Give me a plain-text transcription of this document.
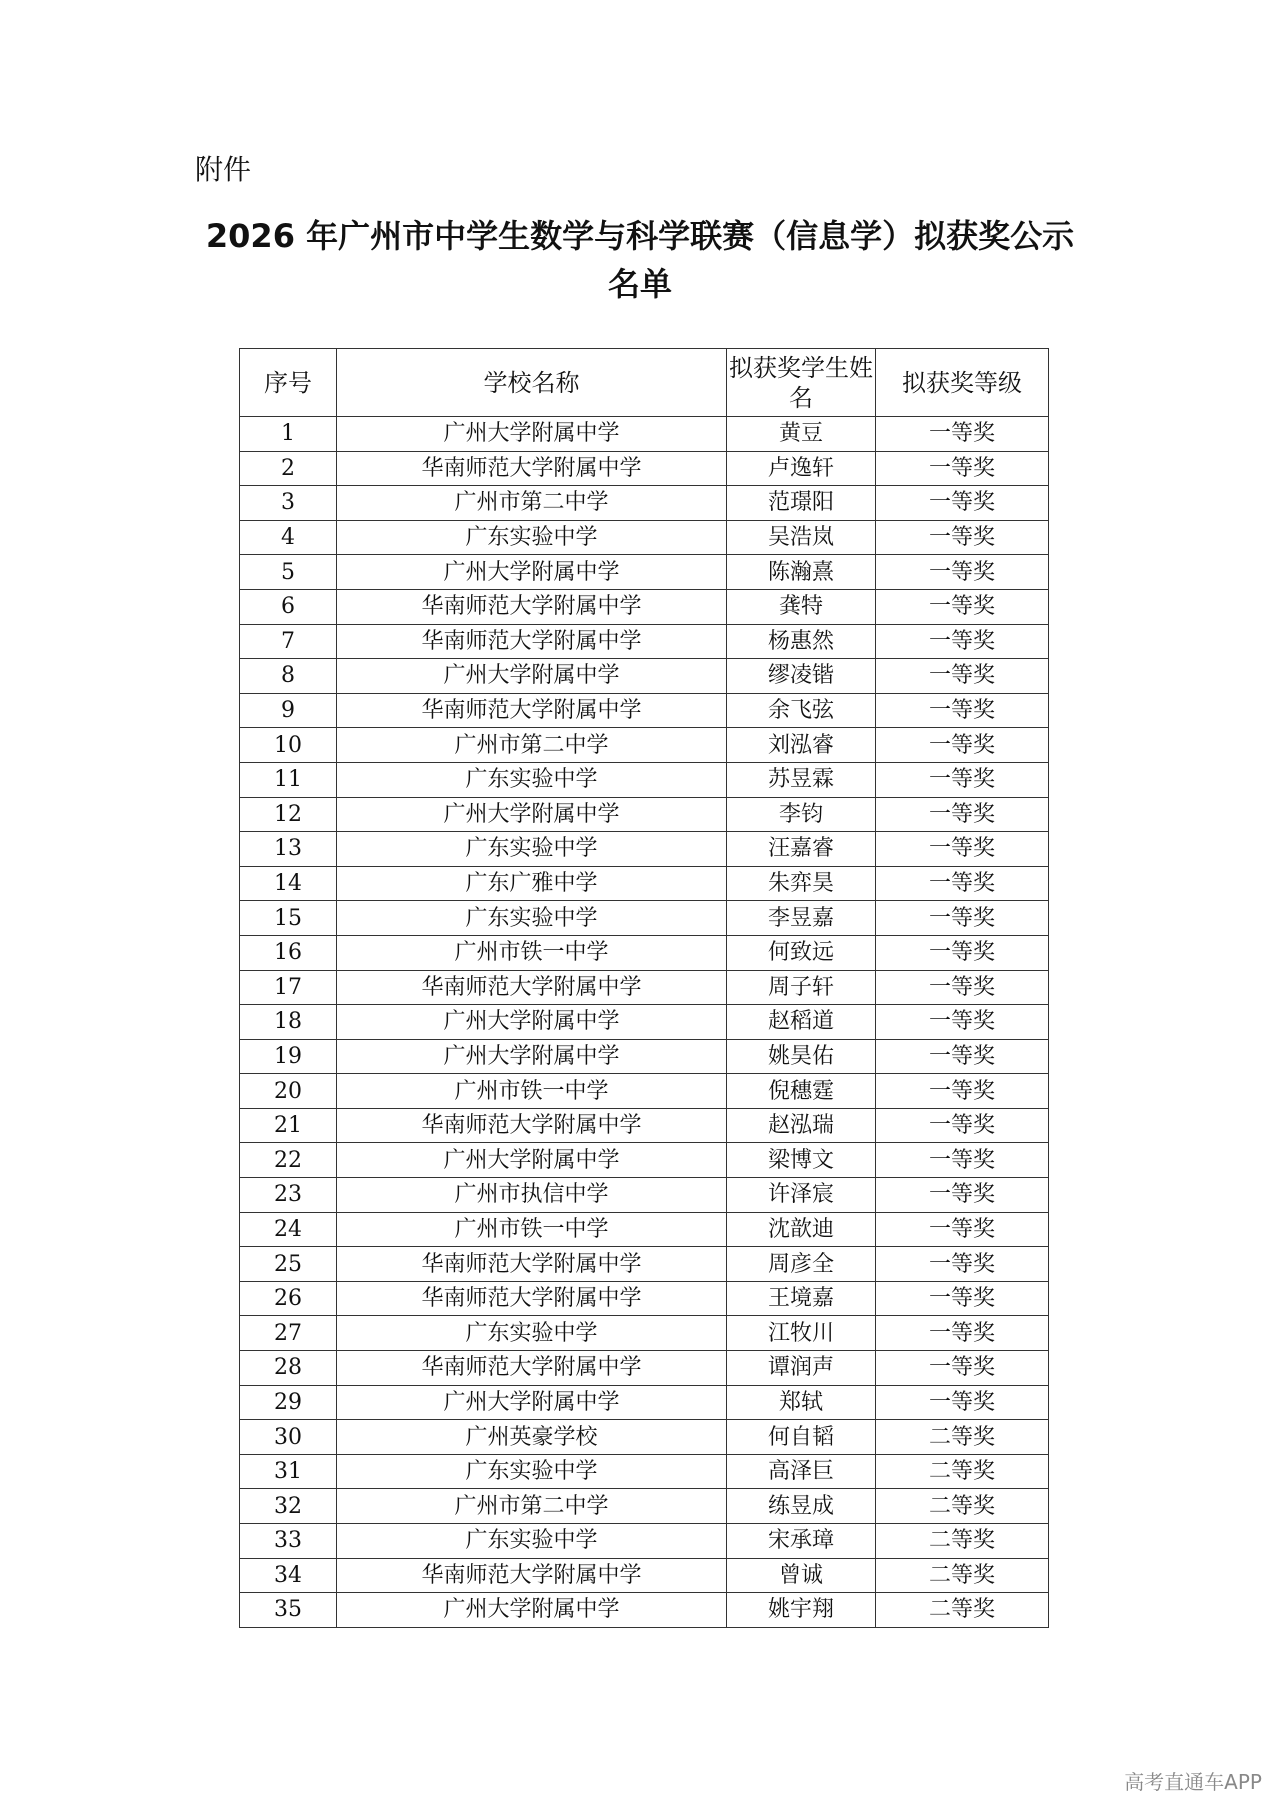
附件
2026 年广州市中学生数学与科学联赛（信息学）拟获奖公示
名单
序号	学校名称	拟获奖学生姓名	拟获奖等级
1	广州大学附属中学	黄豆	一等奖
2	华南师范大学附属中学	卢逸轩	一等奖
3	广州市第二中学	范璟阳	一等奖
4	广东实验中学	吴浩岚	一等奖
5	广州大学附属中学	陈瀚熹	一等奖
6	华南师范大学附属中学	龚特	一等奖
7	华南师范大学附属中学	杨惠然	一等奖
8	广州大学附属中学	缪凌锴	一等奖
9	华南师范大学附属中学	余飞弦	一等奖
10	广州市第二中学	刘泓睿	一等奖
11	广东实验中学	苏昱霖	一等奖
12	广州大学附属中学	李钧	一等奖
13	广东实验中学	汪嘉睿	一等奖
14	广东广雅中学	朱弈昊	一等奖
15	广东实验中学	李昱嘉	一等奖
16	广州市铁一中学	何致远	一等奖
17	华南师范大学附属中学	周子轩	一等奖
18	广州大学附属中学	赵稻道	一等奖
19	广州大学附属中学	姚昊佑	一等奖
20	广州市铁一中学	倪穗霆	一等奖
21	华南师范大学附属中学	赵泓瑞	一等奖
22	广州大学附属中学	梁博文	一等奖
23	广州市执信中学	许泽宸	一等奖
24	广州市铁一中学	沈歆迪	一等奖
25	华南师范大学附属中学	周彦全	一等奖
26	华南师范大学附属中学	王境嘉	一等奖
27	广东实验中学	江牧川	一等奖
28	华南师范大学附属中学	谭润声	一等奖
29	广州大学附属中学	郑轼	一等奖
30	广州英豪学校	何自韬	二等奖
31	广东实验中学	高泽巨	二等奖
32	广州市第二中学	练昱成	二等奖
33	广东实验中学	宋承璋	二等奖
34	华南师范大学附属中学	曾诚	二等奖
35	广州大学附属中学	姚宇翔	二等奖
高考直通车APP
